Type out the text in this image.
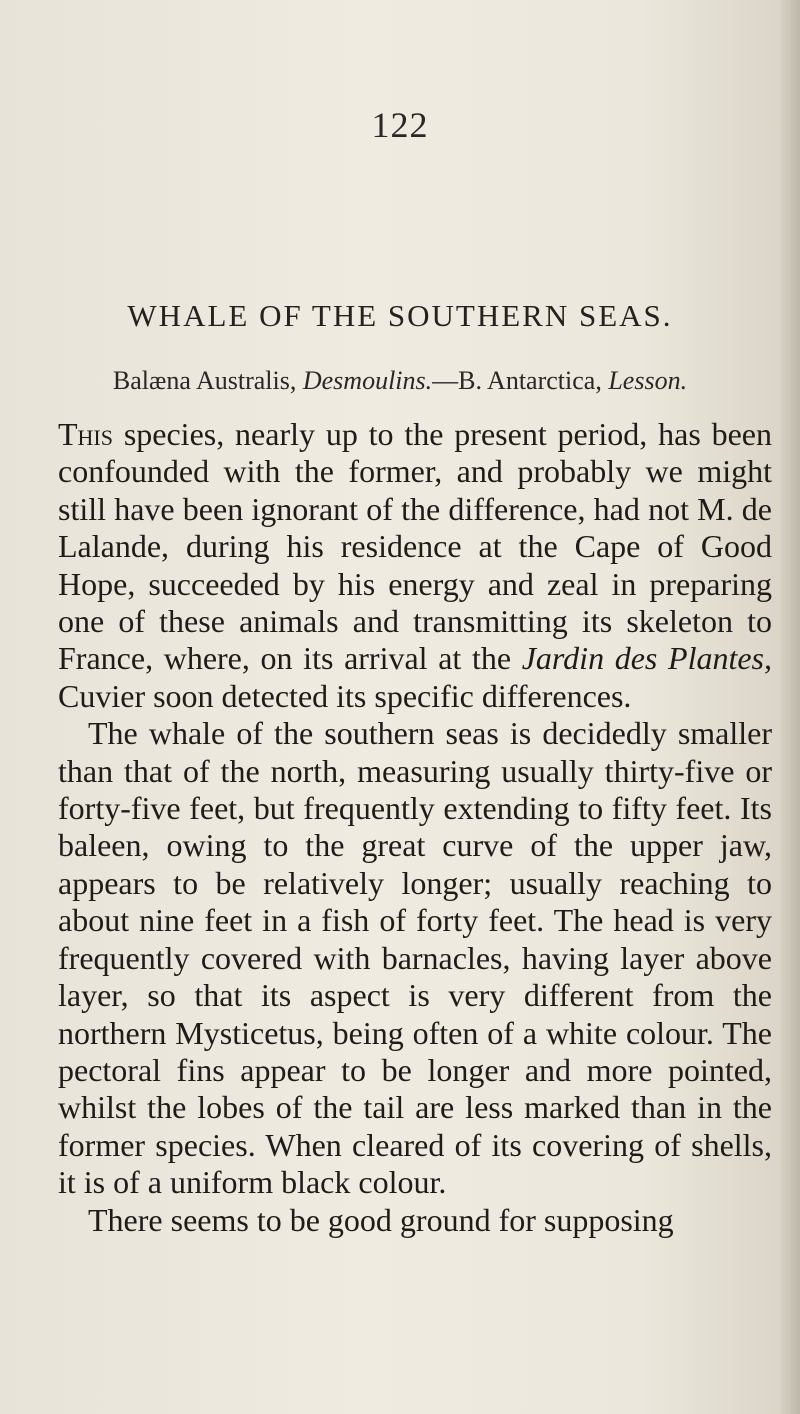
122
WHALE OF THE SOUTHERN SEAS.
Balæna Australis, Desmoulins.—B. Antarctica, Lesson.

This species, nearly up to the present period, has been confounded with the former, and probably we might still have been ignorant of the difference, had not M. de Lalande, during his residence at the Cape of Good Hope, succeeded by his energy and zeal in preparing one of these animals and transmitting its skeleton to France, where, on its arrival at the Jardin des Plantes, Cuvier soon detected its specific differences.

The whale of the southern seas is decidedly smaller than that of the north, measuring usually thirty-five or forty-five feet, but frequently extending to fifty feet. Its baleen, owing to the great curve of the upper jaw, appears to be relatively longer; usually reaching to about nine feet in a fish of forty feet. The head is very frequently covered with barnacles, having layer above layer, so that its aspect is very different from the northern Mysticetus, being often of a white colour. The pectoral fins appear to be longer and more pointed, whilst the lobes of the tail are less marked than in the former species. When cleared of its covering of shells, it is of a uniform black colour.

There seems to be good ground for supposing
